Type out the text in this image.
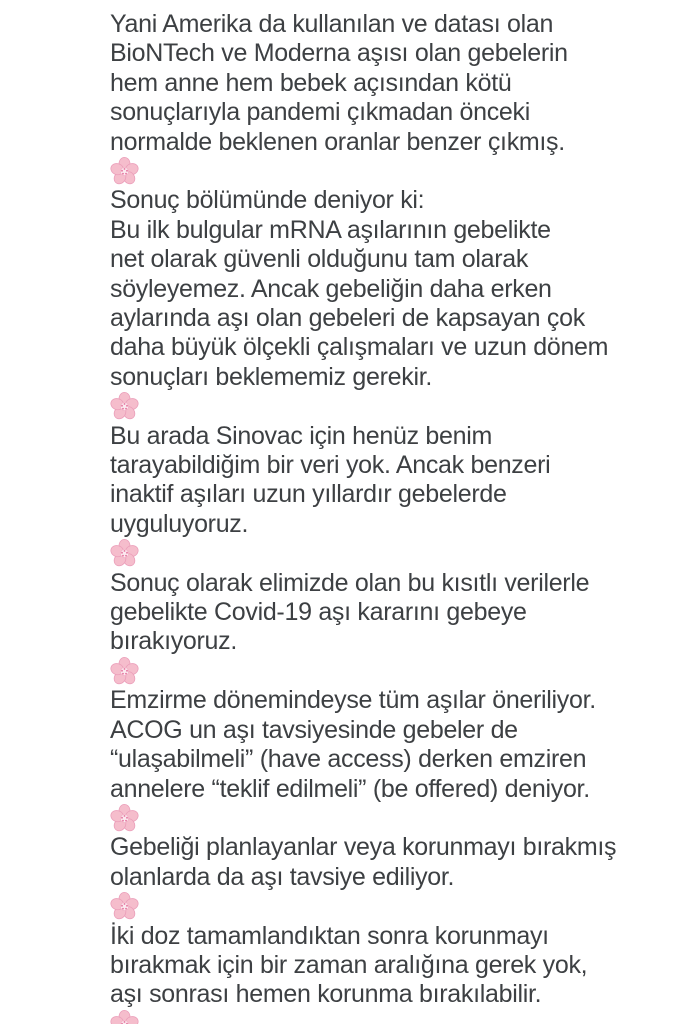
Yani Amerika da kullanılan ve datası olan
BioNTech ve Moderna aşısı olan gebelerin
hem anne hem bebek açısından kötü
sonuçlarıyla pandemi çıkmadan önceki
normalde beklenen oranlar benzer çıkmış.
Sonuç bölümünde deniyor ki:
Bu ilk bulgular mRNA aşılarının gebelikte
net olarak güvenli olduğunu tam olarak
söyleyemez. Ancak gebeliğin daha erken
aylarında aşı olan gebeleri de kapsayan çok
daha büyük ölçekli çalışmaları ve uzun dönem
sonuçları beklememiz gerekir.
Bu arada Sinovac için henüz benim
tarayabildiğim bir veri yok. Ancak benzeri
inaktif aşıları uzun yıllardır gebelerde
uyguluyoruz.
Sonuç olarak elimizde olan bu kısıtlı verilerle
gebelikte Covid-19 aşı kararını gebeye
bırakıyoruz.
Emzirme dönemindeyse tüm aşılar öneriliyor.
ACOG un aşı tavsiyesinde gebeler de
“ulaşabilmeli” (have access) derken emziren
annelere “teklif edilmeli” (be offered) deniyor.
Gebeliği planlayanlar veya korunmayı bırakmış
olanlarda da aşı tavsiye ediliyor.
İki doz tamamlandıktan sonra korunmayı
bırakmak için bir zaman aralığına gerek yok,
aşı sonrası hemen korunma bırakılabilir.
